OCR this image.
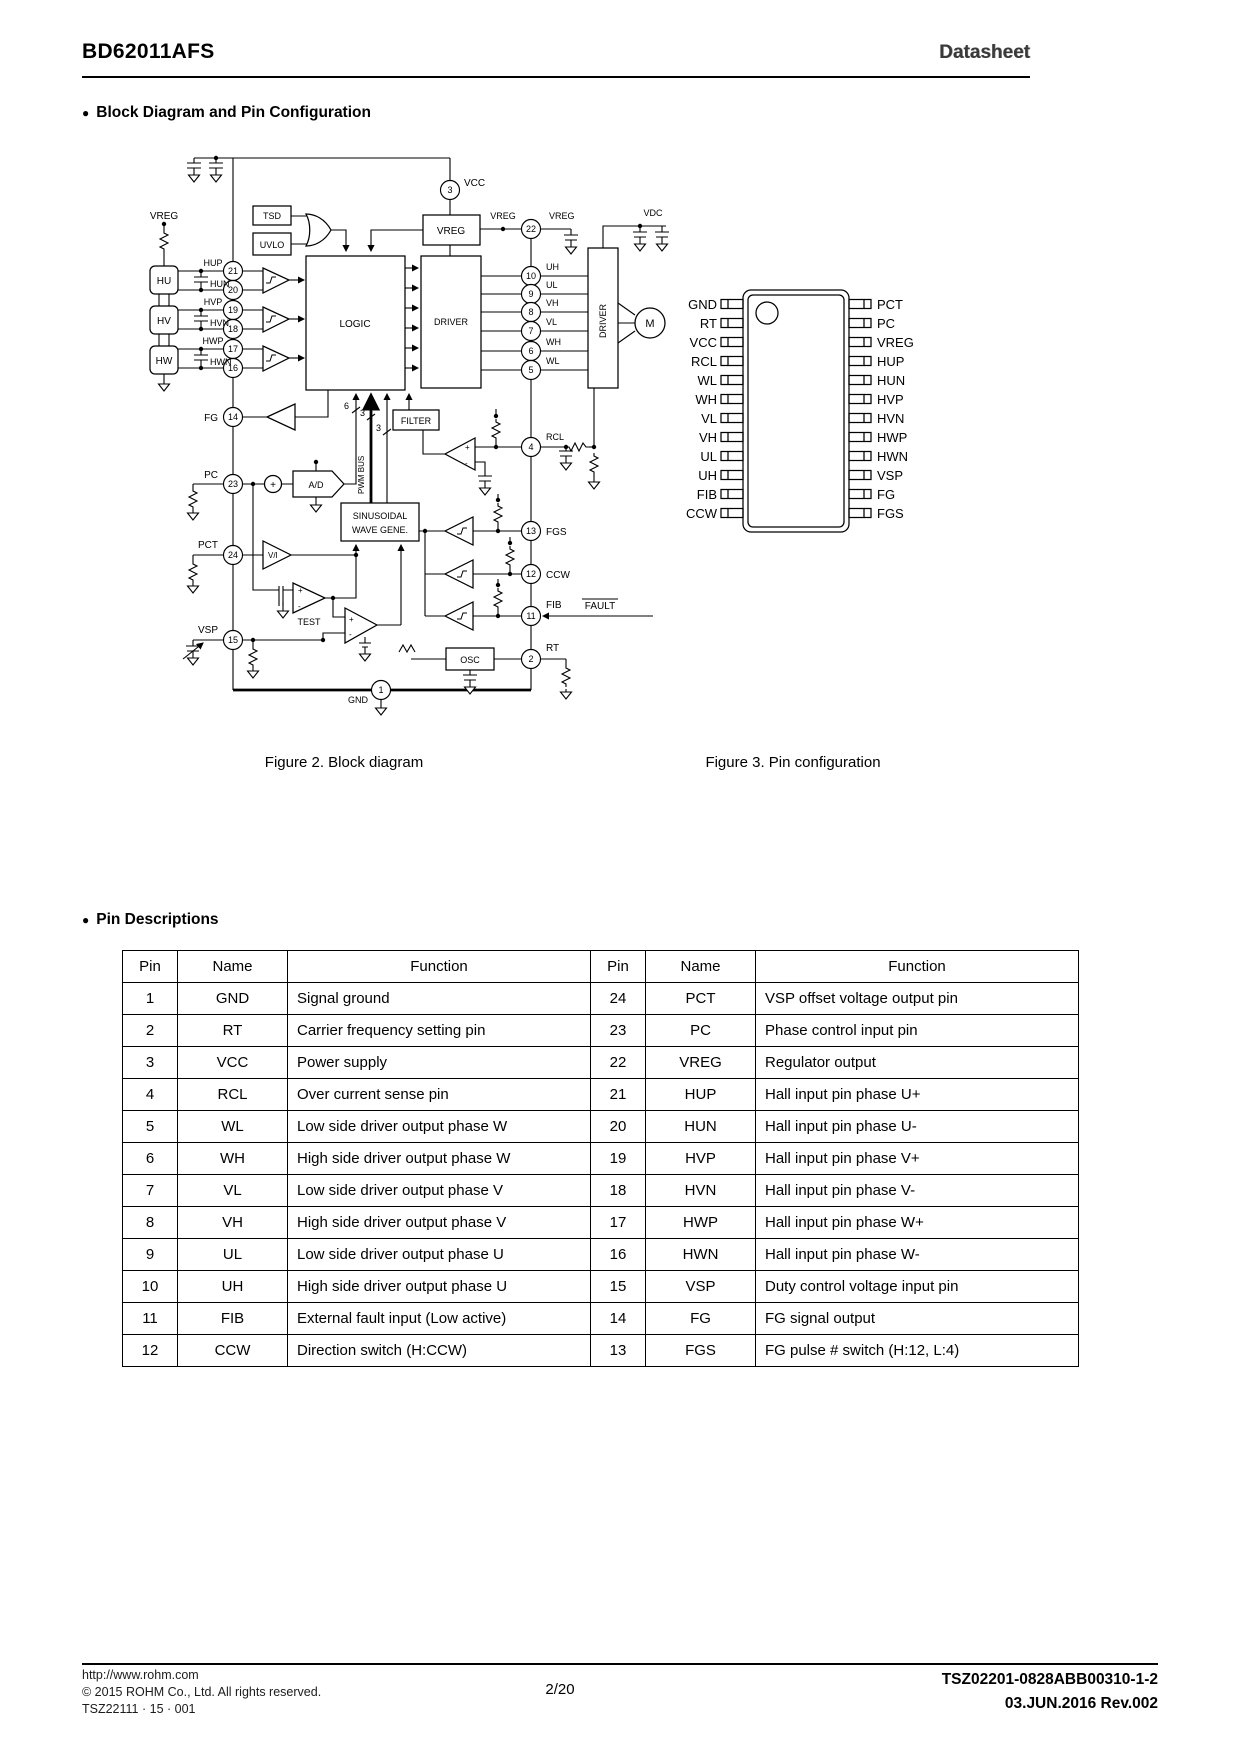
BD62011AFS	Datasheet
● Block Diagram and Pin Configuration
3
22
21
20
19
18
17
16
14
23
24
15
10
9
8
7
6
5
4
13
12
11
2
1
VCC
VREG
TSD
UVLO
VREG
HU
HV
HW
HUP
HUN
HVP
HVN
HWP
HWN
LOGIC	DRIVER	DRIVER	M
VREG	VREG	VDC
UH
UL
VH
VL
WH
WL
FG
PC
PCT
VSP
+	A/D
6
3
3
PWM BUS
FILTER
+
-
RCL
SINUSOIDAL
WAVE GENE.	FGS
CCW
FIB FAULT
OSC
RT
V/I
+
-
TEST	+
-
GND
GND
RT
VCC
RCL
WL
WH
VL
VH
UL
UH
FIB
CCW
PCT
PC
VREG
HUP
HUN
HVP
HVN
HWP
HWN
VSP
FG
FGS
Figure 2. Block diagram	Figure 3. Pin configuration
● Pin Descriptions
Pin	Name	Function	Pin	Name	Function
1	GND	Signal ground	24	PCT	VSP offset voltage output pin
2	RT	Carrier frequency setting pin	23	PC	Phase control input pin
3	VCC	Power supply	22	VREG	Regulator output
4	RCL	Over current sense pin	21	HUP	Hall input pin phase U+
5	WL	Low side driver output phase W	20	HUN	Hall input pin phase U-
6	WH	High side driver output phase W	19	HVP	Hall input pin phase V+
7	VL	Low side driver output phase V	18	HVN	Hall input pin phase V-
8	VH	High side driver output phase V	17	HWP	Hall input pin phase W+
9	UL	Low side driver output phase U	16	HWN	Hall input pin phase W-
10	UH	High side driver output phase U	15	VSP	Duty control voltage input pin
11	FIB	External fault input (Low active)	14	FG	FG signal output
12	CCW	Direction switch (H:CCW)	13	FGS	FG pulse # switch (H:12, L:4)
http://www.rohm.com
© 2015 ROHM Co., Ltd. All rights reserved.
TSZ22111 · 15 · 001
2/20
TSZ02201-0828ABB00310-1-2
03.JUN.2016 Rev.002
